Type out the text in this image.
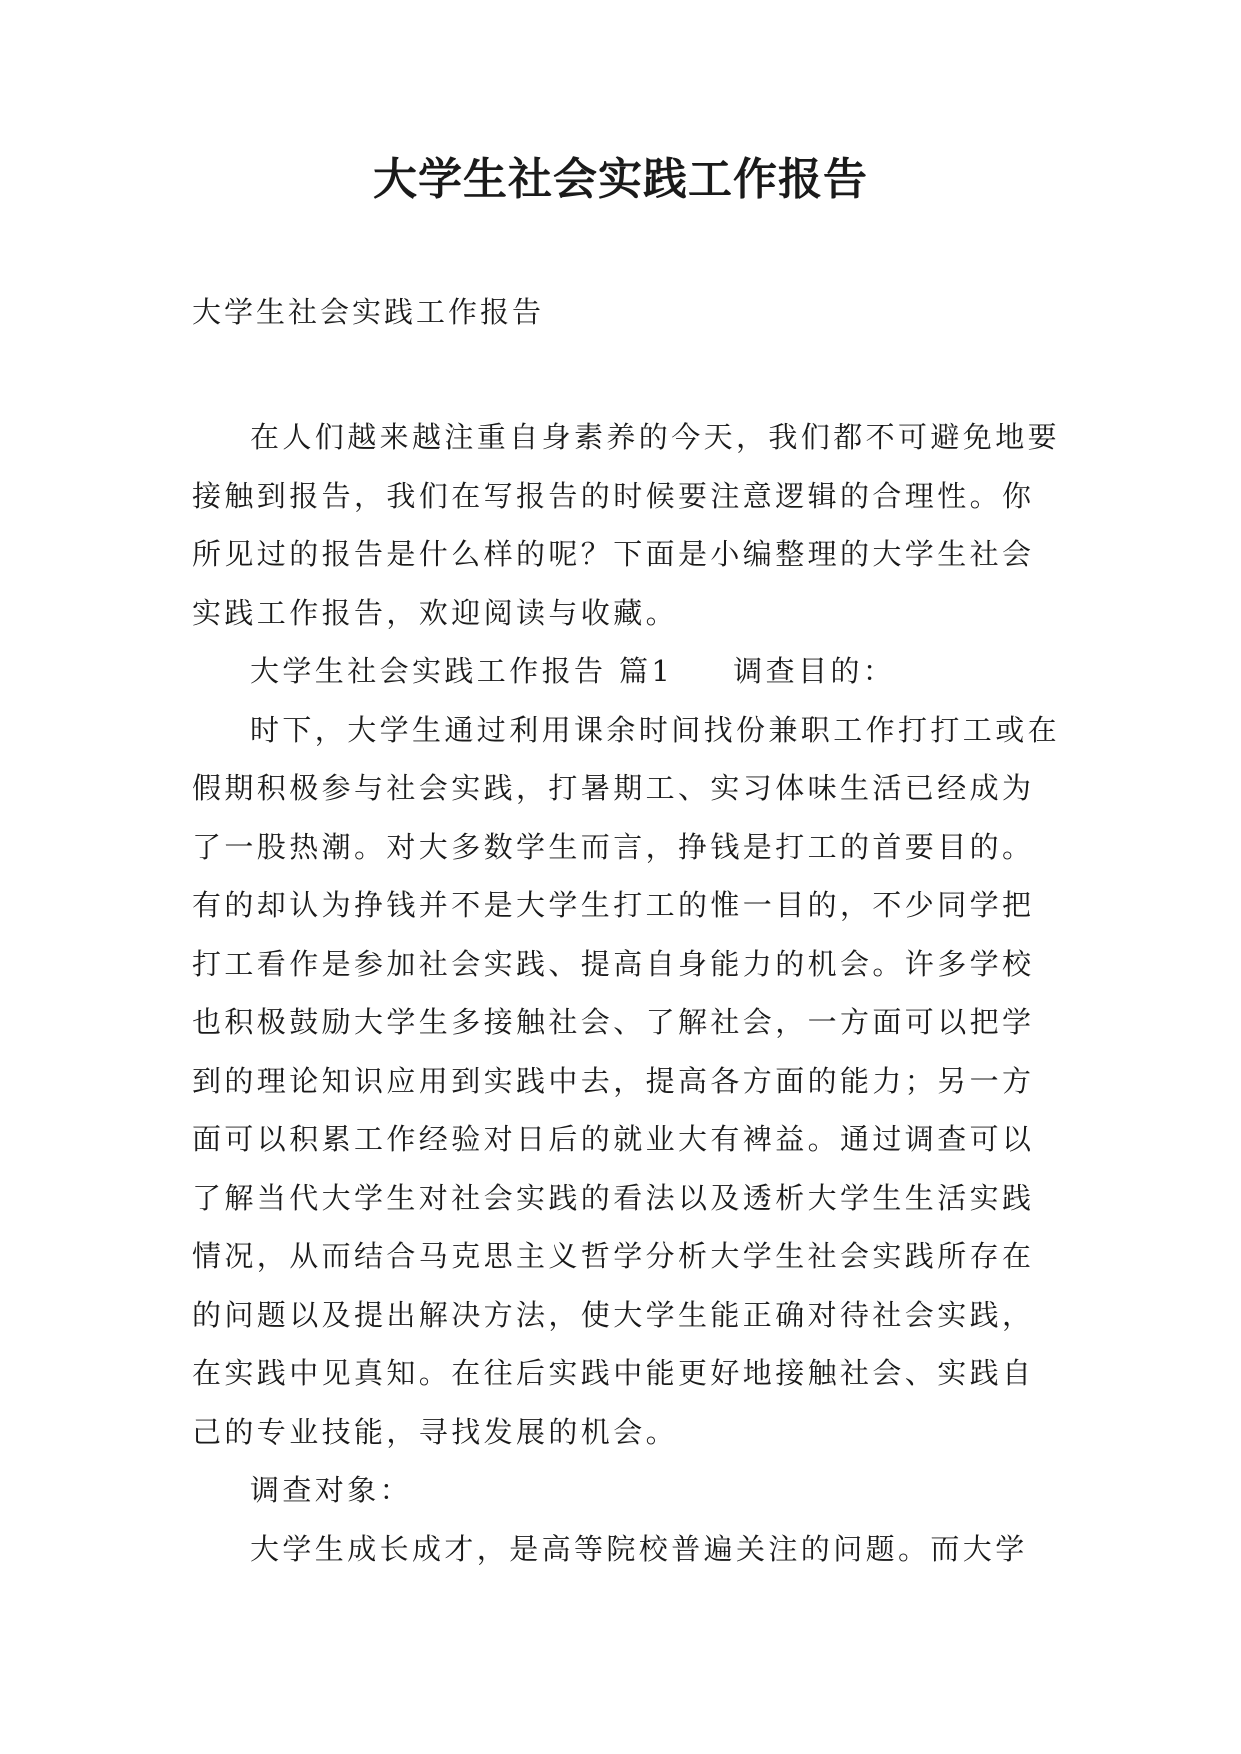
大学生社会实践工作报告

大学生社会实践工作报告

在人们越来越注重自身素养的今天，我们都不可避免地要接触到报告，我们在写报告的时候要注意逻辑的合理性。你所见过的报告是什么样的呢？下面是小编整理的大学生社会实践工作报告，欢迎阅读与收藏。

大学生社会实践工作报告 篇1 调查目的：

时下，大学生通过利用课余时间找份兼职工作打打工或在假期积极参与社会实践，打暑期工、实习体味生活已经成为了一股热潮。对大多数学生而言，挣钱是打工的首要目的。有的却认为挣钱并不是大学生打工的惟一目的，不少同学把打工看作是参加社会实践、提高自身能力的机会。许多学校也积极鼓励大学生多接触社会、了解社会，一方面可以把学到的理论知识应用到实践中去，提高各方面的能力；另一方面可以积累工作经验对日后的就业大有裨益。通过调查可以了解当代大学生对社会实践的看法以及透析大学生生活实践情况，从而结合马克思主义哲学分析大学生社会实践所存在的问题以及提出解决方法，使大学生能正确对待社会实践，在实践中见真知。在往后实践中能更好地接触社会、实践自己的专业技能，寻找发展的机会。

调查对象：

大学生成长成才，是高等院校普遍关注的问题。而大学
